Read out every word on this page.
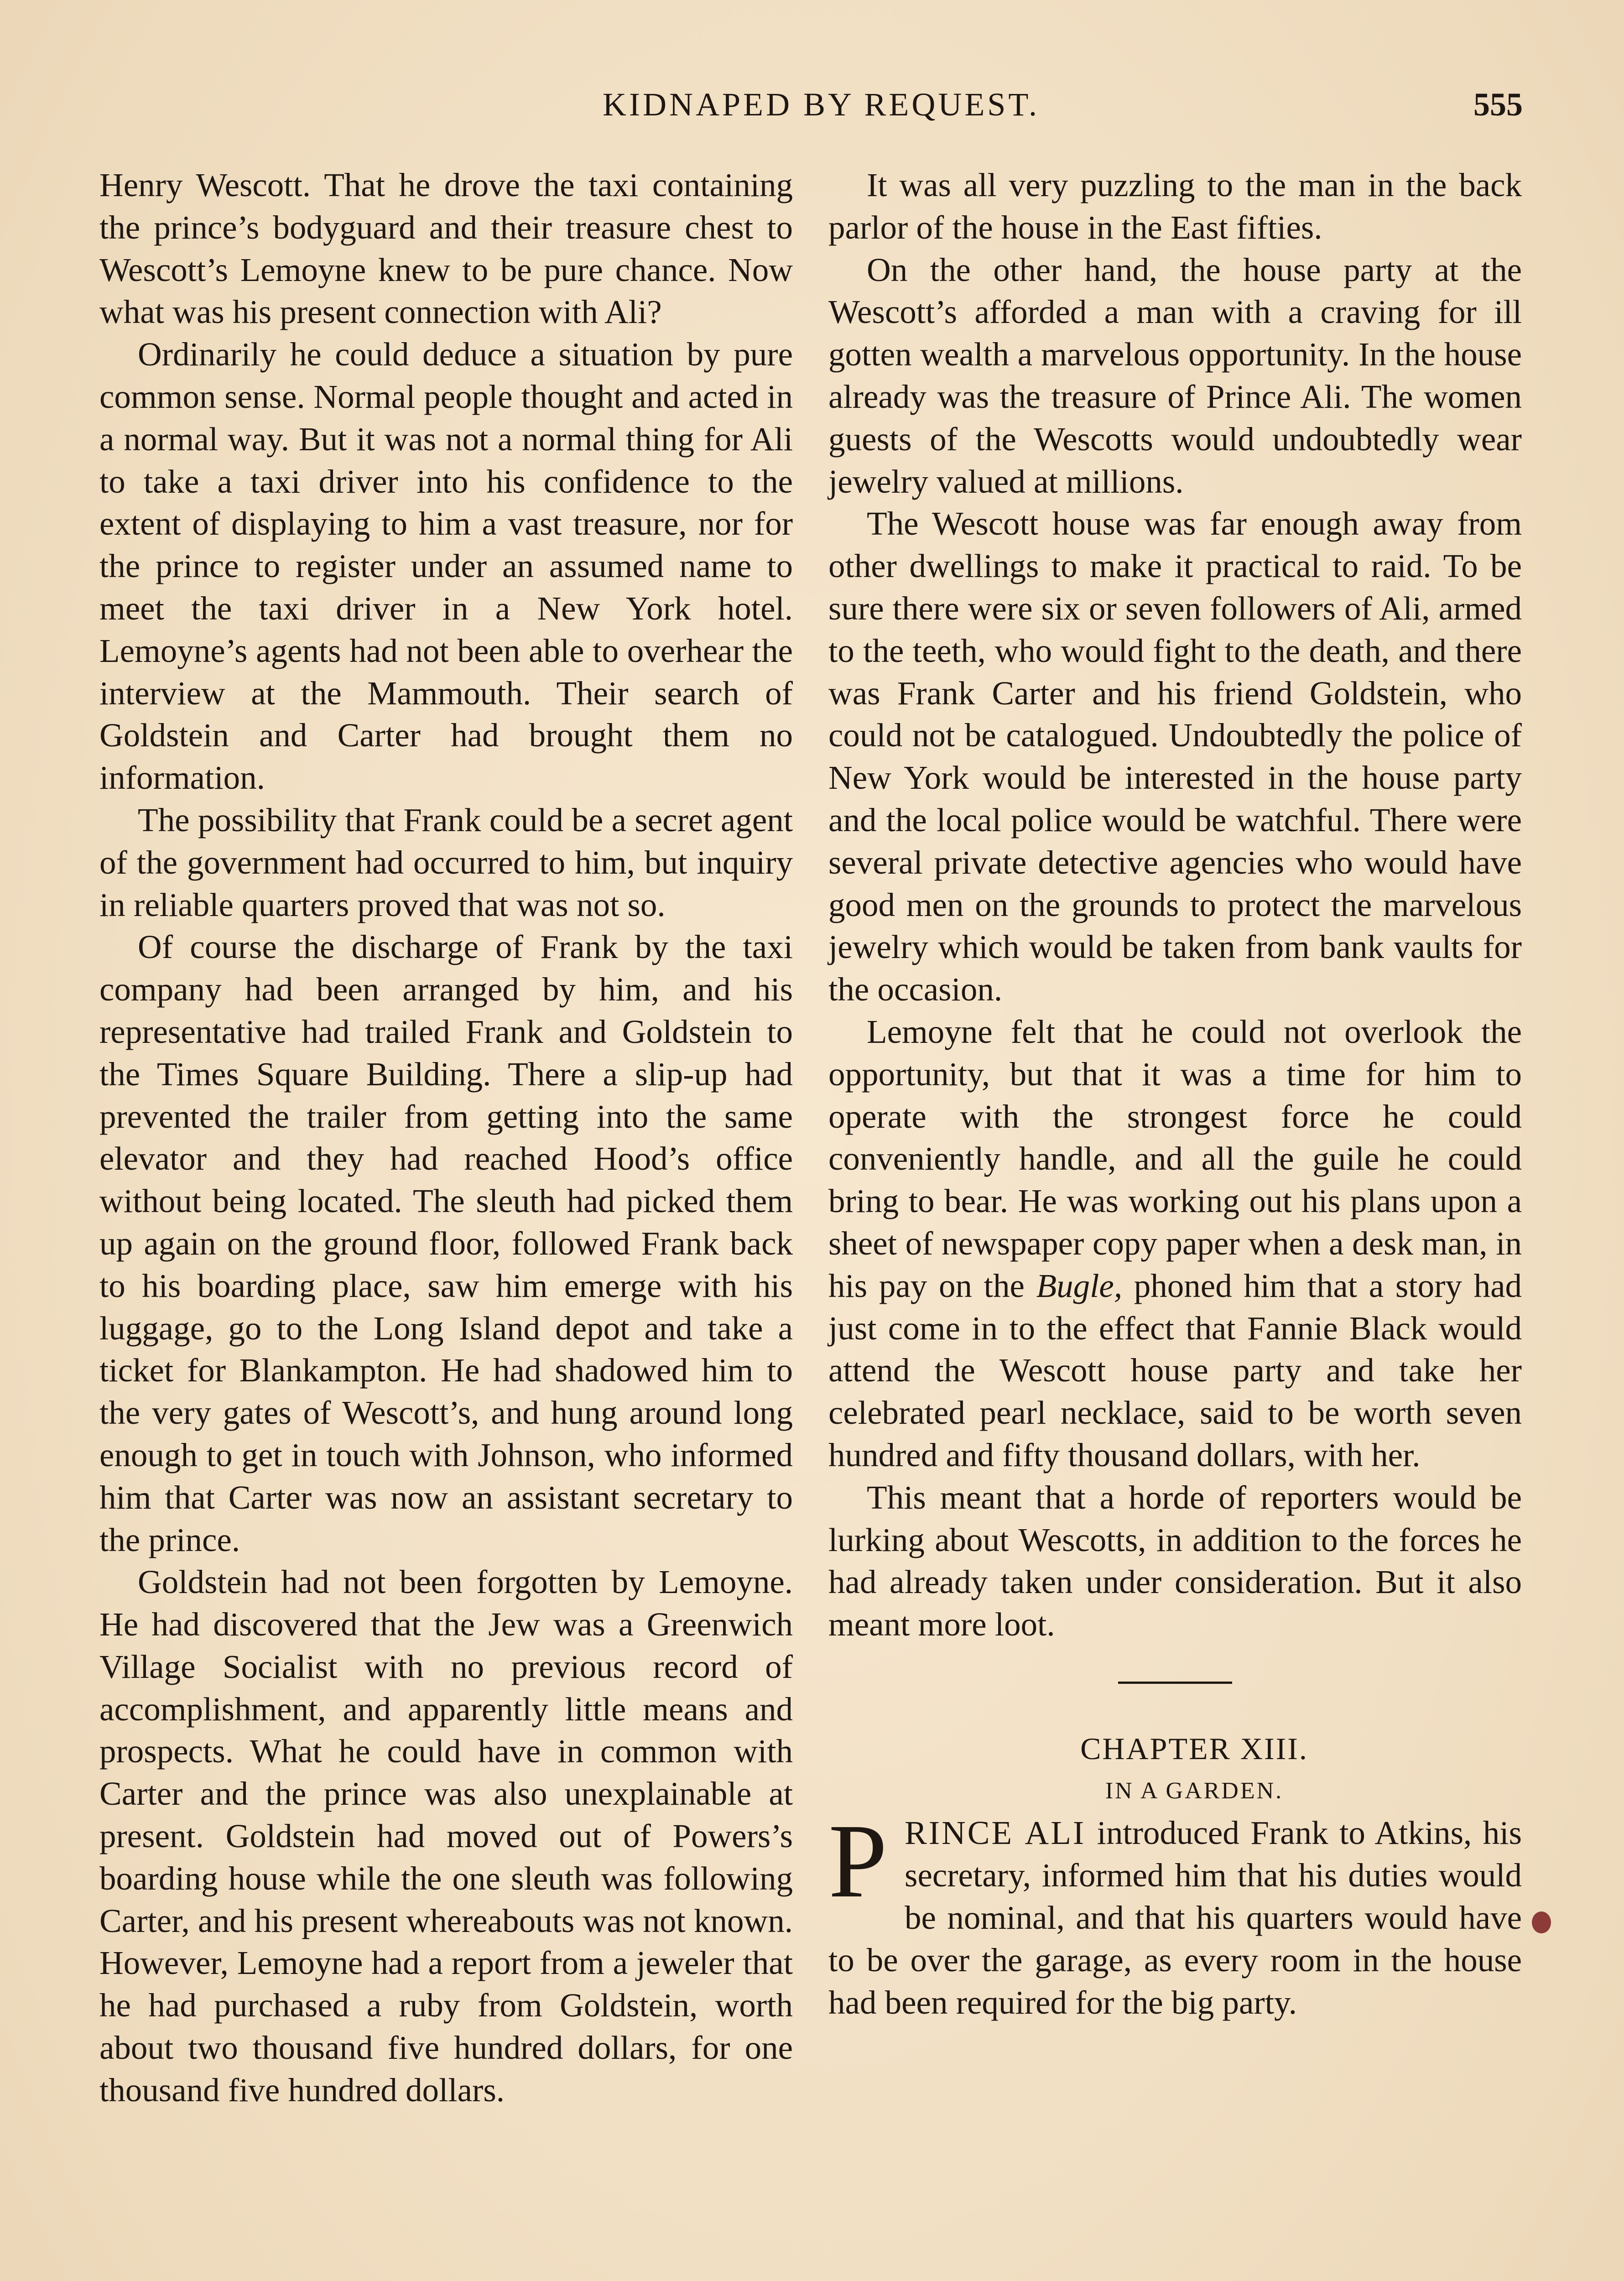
KIDNAPED BY REQUEST.	555

Henry Wescott. That he drove the taxi containing the prince’s bodyguard and their treasure chest to Wescott’s Lemoyne knew to be pure chance. Now what was his present connection with Ali?

Ordinarily he could deduce a situation by pure common sense. Normal people thought and acted in a normal way. But it was not a normal thing for Ali to take a taxi driver into his confidence to the extent of displaying to him a vast treasure, nor for the prince to register under an assumed name to meet the taxi driver in a New York hotel. Lemoyne’s agents had not been able to overhear the interview at the Mammouth. Their search of Goldstein and Carter had brought them no information.

The possibility that Frank could be a secret agent of the government had occurred to him, but inquiry in reliable quarters proved that was not so.

Of course the discharge of Frank by the taxi company had been arranged by him, and his representative had trailed Frank and Goldstein to the Times Square Building. There a slip-up had prevented the trailer from getting into the same elevator and they had reached Hood’s office without being located. The sleuth had picked them up again on the ground floor, followed Frank back to his boarding place, saw him emerge with his luggage, go to the Long Island depot and take a ticket for Blankampton. He had shadowed him to the very gates of Wescott’s, and hung around long enough to get in touch with Johnson, who informed him that Carter was now an assistant secretary to the prince.

Goldstein had not been forgotten by Lemoyne. He had discovered that the Jew was a Greenwich Village Socialist with no previous record of accomplishment, and apparently little means and prospects. What he could have in common with Carter and the prince was also unexplainable at present. Goldstein had moved out of Powers’s boarding house while the one sleuth was following Carter, and his present whereabouts was not known. However, Lemoyne had a report from a jeweler that he had purchased a ruby from Goldstein, worth about two thousand five hundred dollars, for one thousand five hundred dollars.

It was all very puzzling to the man in the back parlor of the house in the East fifties.

On the other hand, the house party at the Wescott’s afforded a man with a craving for ill gotten wealth a marvelous opportunity. In the house already was the treasure of Prince Ali. The women guests of the Wescotts would undoubtedly wear jewelry valued at millions.

The Wescott house was far enough away from other dwellings to make it practical to raid. To be sure there were six or seven followers of Ali, armed to the teeth, who would fight to the death, and there was Frank Carter and his friend Goldstein, who could not be catalogued. Undoubtedly the police of New York would be interested in the house party and the local police would be watchful. There were several private detective agencies who would have good men on the grounds to protect the marvelous jewelry which would be taken from bank vaults for the occasion.

Lemoyne felt that he could not overlook the opportunity, but that it was a time for him to operate with the strongest force he could conveniently handle, and all the guile he could bring to bear. He was working out his plans upon a sheet of newspaper copy paper when a desk man, in his pay on the Bugle, phoned him that a story had just come in to the effect that Fannie Black would attend the Wescott house party and take her celebrated pearl necklace, said to be worth seven hundred and fifty thousand dollars, with her.

This meant that a horde of reporters would be lurking about Wescotts, in addition to the forces he had already taken under consideration. But it also meant more loot.

CHAPTER XIII.

IN A GARDEN.

PRINCE ALI introduced Frank to Atkins, his secretary, informed him that his duties would be nominal, and that his quarters would have to be over the garage, as every room in the house had been required for the big party.
